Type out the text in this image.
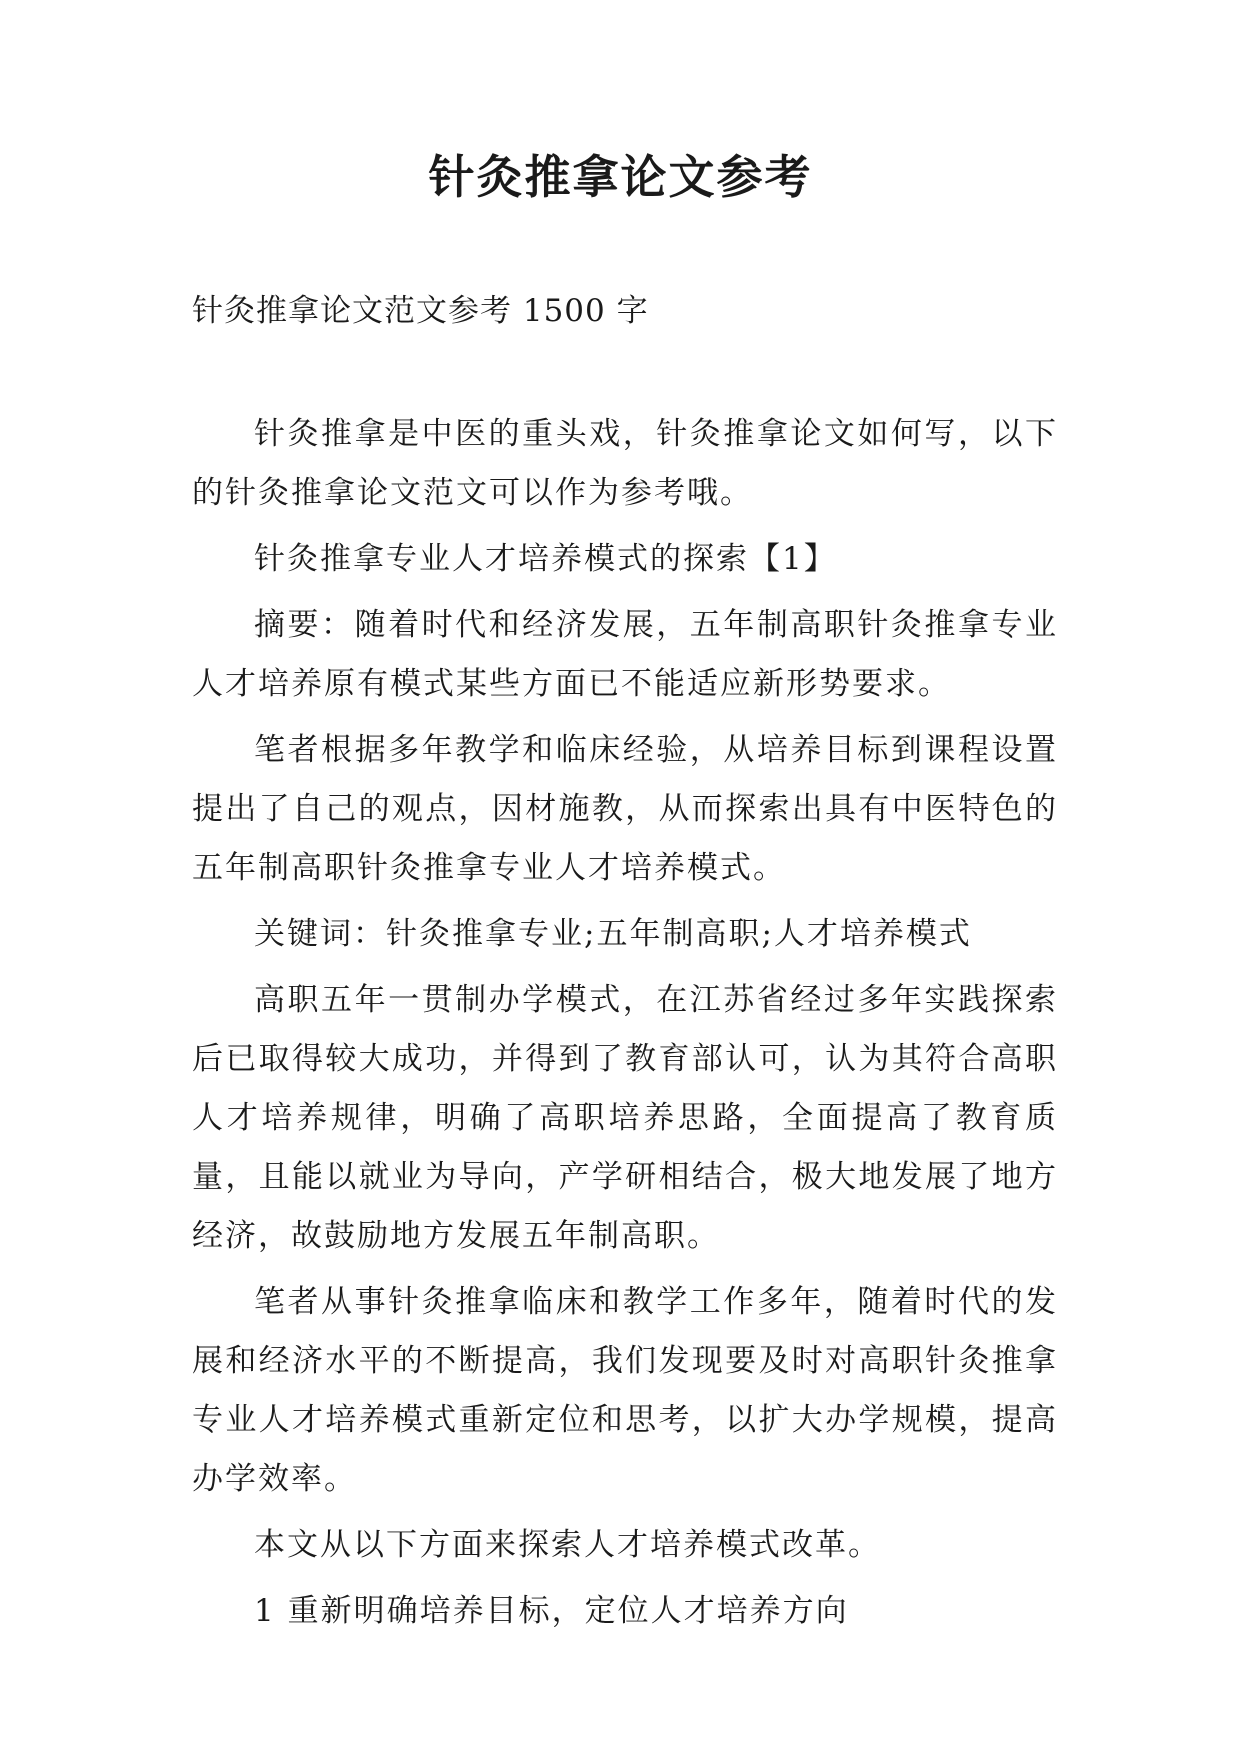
针灸推拿论文参考
针灸推拿论文范文参考 1500 字

针灸推拿是中医的重头戏，针灸推拿论文如何写，以下的针灸推拿论文范文可以作为参考哦。

针灸推拿专业人才培养模式的探索【1】

摘要：随着时代和经济发展，五年制高职针灸推拿专业人才培养原有模式某些方面已不能适应新形势要求。

笔者根据多年教学和临床经验，从培养目标到课程设置提出了自己的观点，因材施教，从而探索出具有中医特色的五年制高职针灸推拿专业人才培养模式。

关键词：针灸推拿专业;五年制高职;人才培养模式

高职五年一贯制办学模式，在江苏省经过多年实践探索后已取得较大成功，并得到了教育部认可，认为其符合高职人才培养规律，明确了高职培养思路，全面提高了教育质量，且能以就业为导向，产学研相结合，极大地发展了地方经济，故鼓励地方发展五年制高职。

笔者从事针灸推拿临床和教学工作多年，随着时代的发展和经济水平的不断提高，我们发现要及时对高职针灸推拿专业人才培养模式重新定位和思考，以扩大办学规模，提高办学效率。

本文从以下方面来探索人才培养模式改革。

1 重新明确培养目标，定位人才培养方向
